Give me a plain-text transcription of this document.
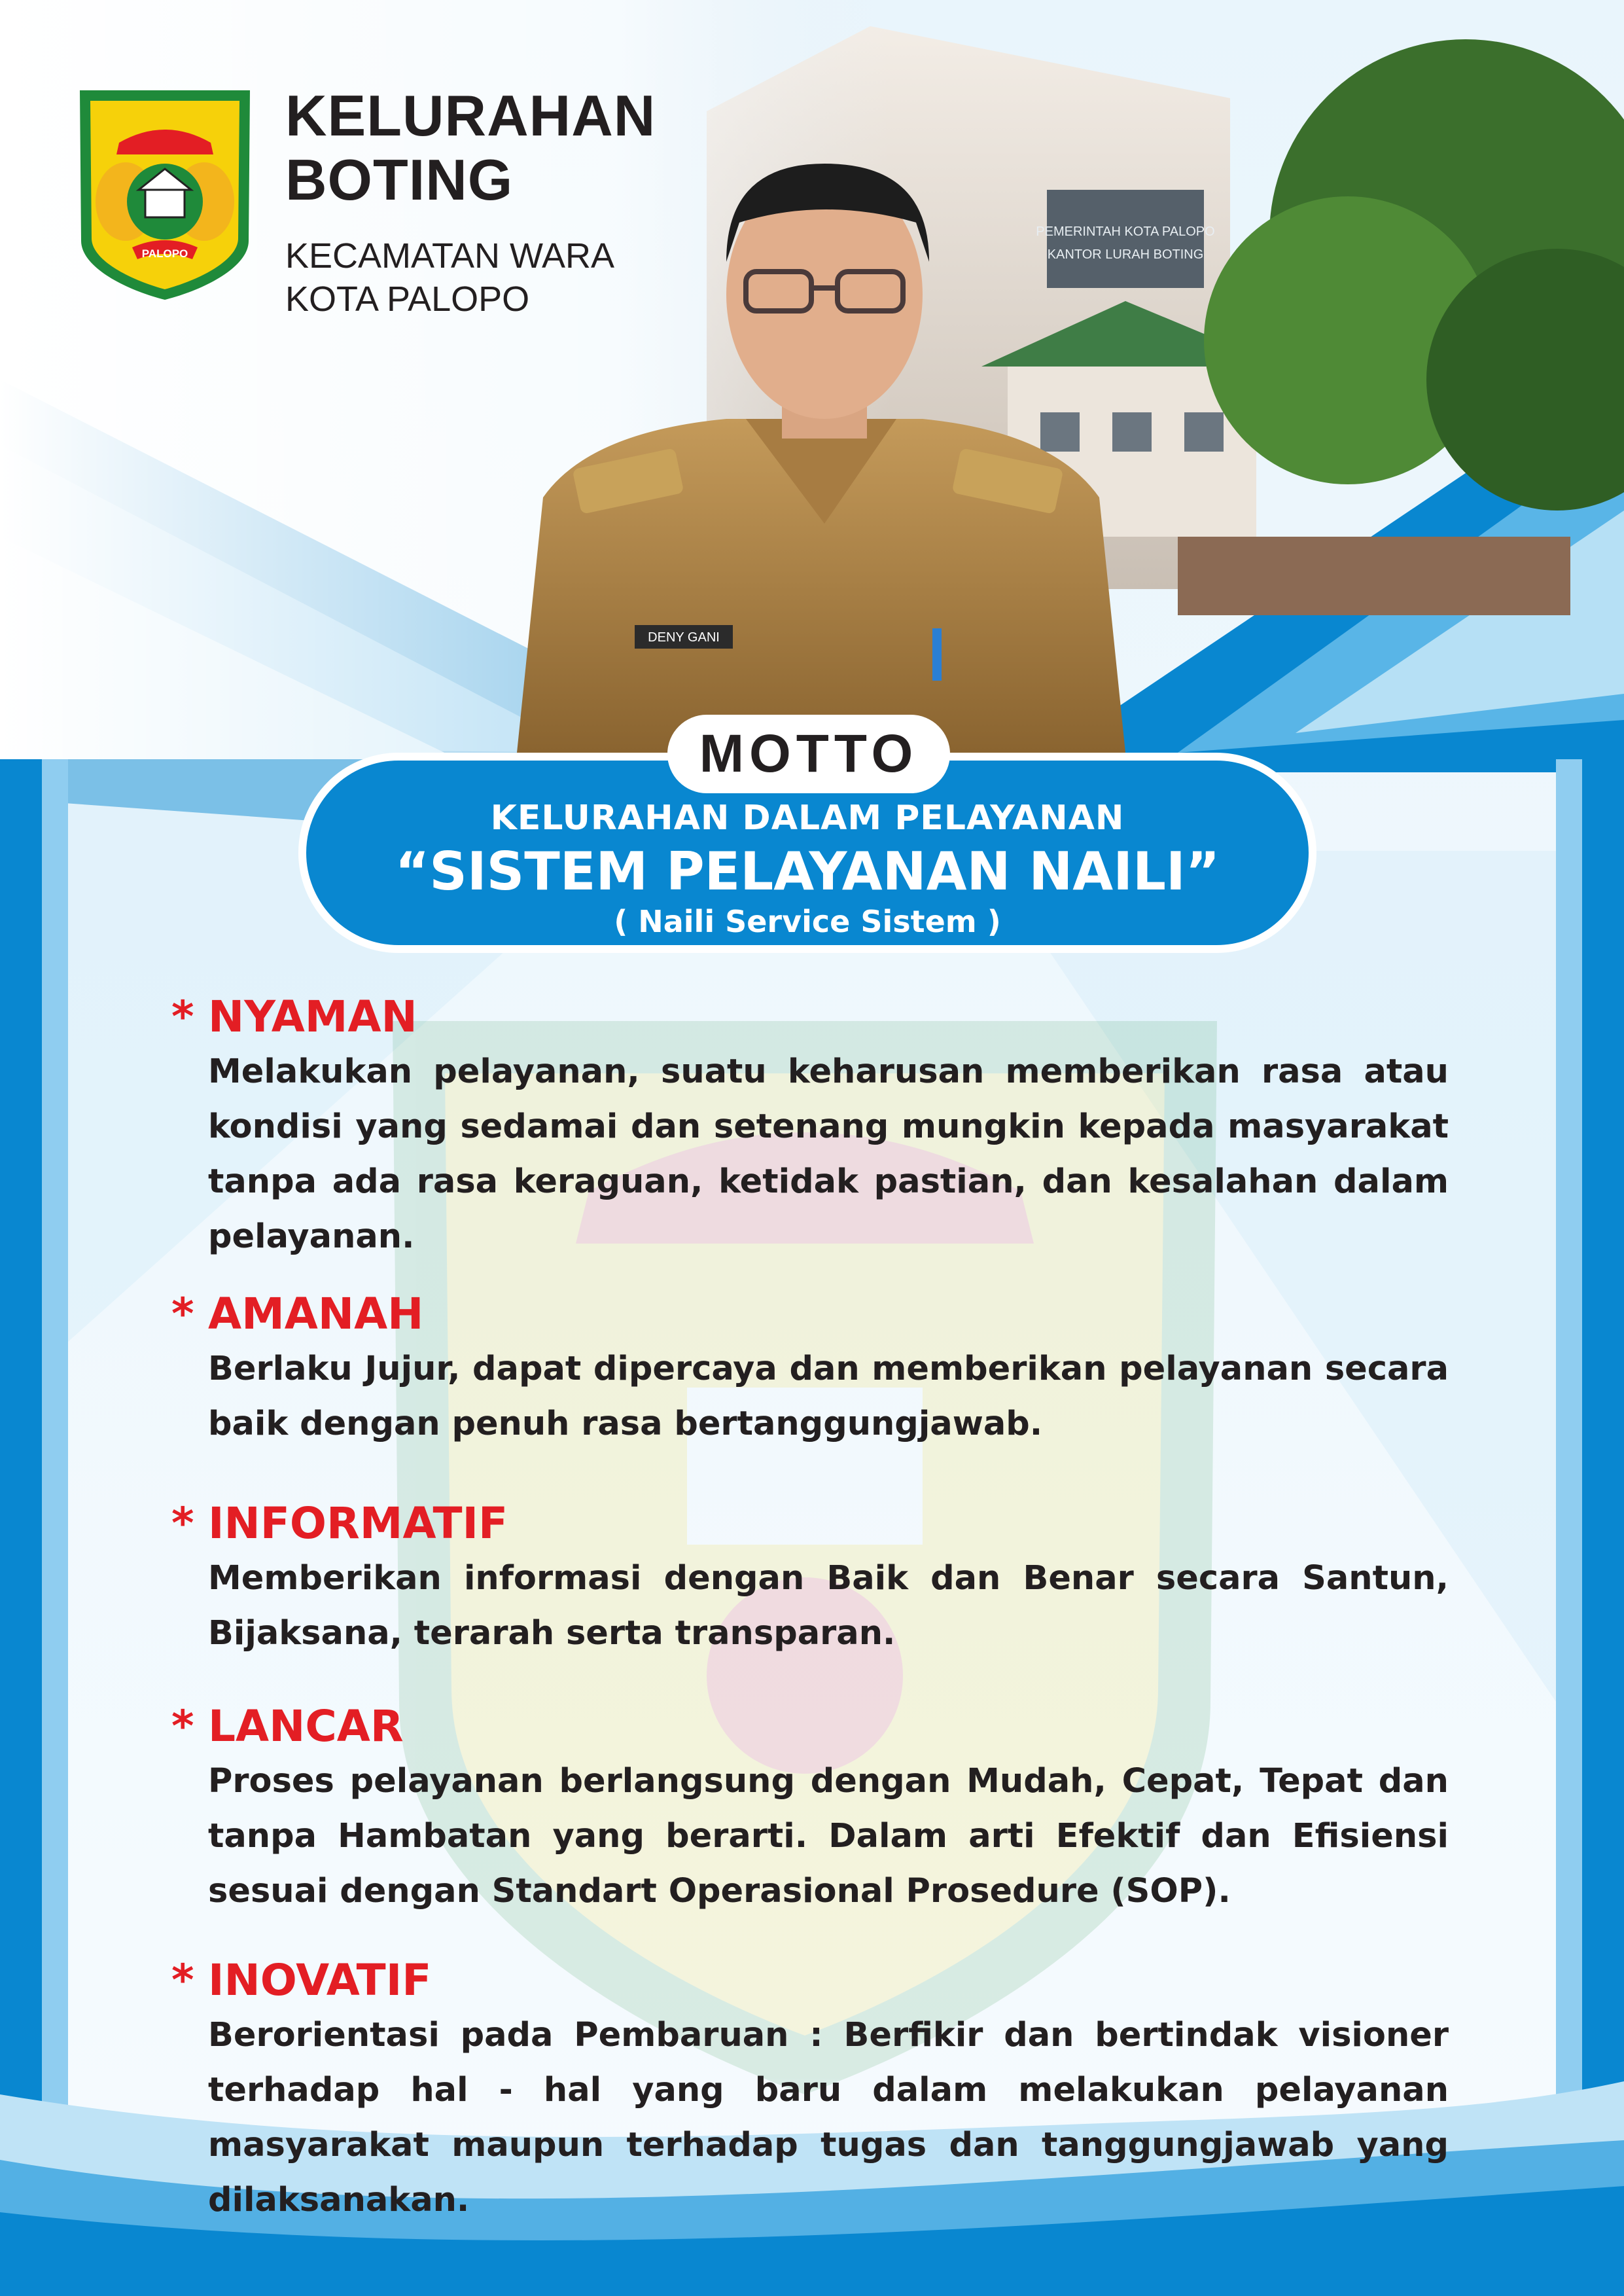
DENY GANI
PALOPO

KELURAHAN

BOTING

KECAMATAN WARA

KOTA PALOPO

MOTTO
KELURAHAN DALAM PELAYANAN
“SISTEM PELAYANAN NAILI”
( Naili Service Sistem )

* NYAMAN

Melakukan pelayanan, suatu keharusan memberikan rasa atau kondisi yang sedamai dan setenang mungkin kepada masyarakat tanpa ada rasa keraguan, ketidak pastian, dan kesalahan dalam pelayanan.

* AMANAH

Berlaku Jujur, dapat dipercaya dan memberikan pelayanan secara baik dengan penuh rasa bertanggungjawab.

* INFORMATIF

Memberikan informasi dengan Baik dan Benar secara Santun, Bijaksana, terarah serta transparan.

* LANCAR

Proses pelayanan berlangsung dengan Mudah, Cepat, Tepat dan tanpa Hambatan yang berarti. Dalam arti Efektif dan Efisiensi sesuai dengan Standart Operasional Prosedure (SOP).

* INOVATIF

Berorientasi pada Pembaruan : Berfikir dan bertindak visioner terhadap hal - hal yang baru dalam melakukan pelayanan masyarakat maupun terhadap tugas dan tanggungjawab yang dilaksanakan.
